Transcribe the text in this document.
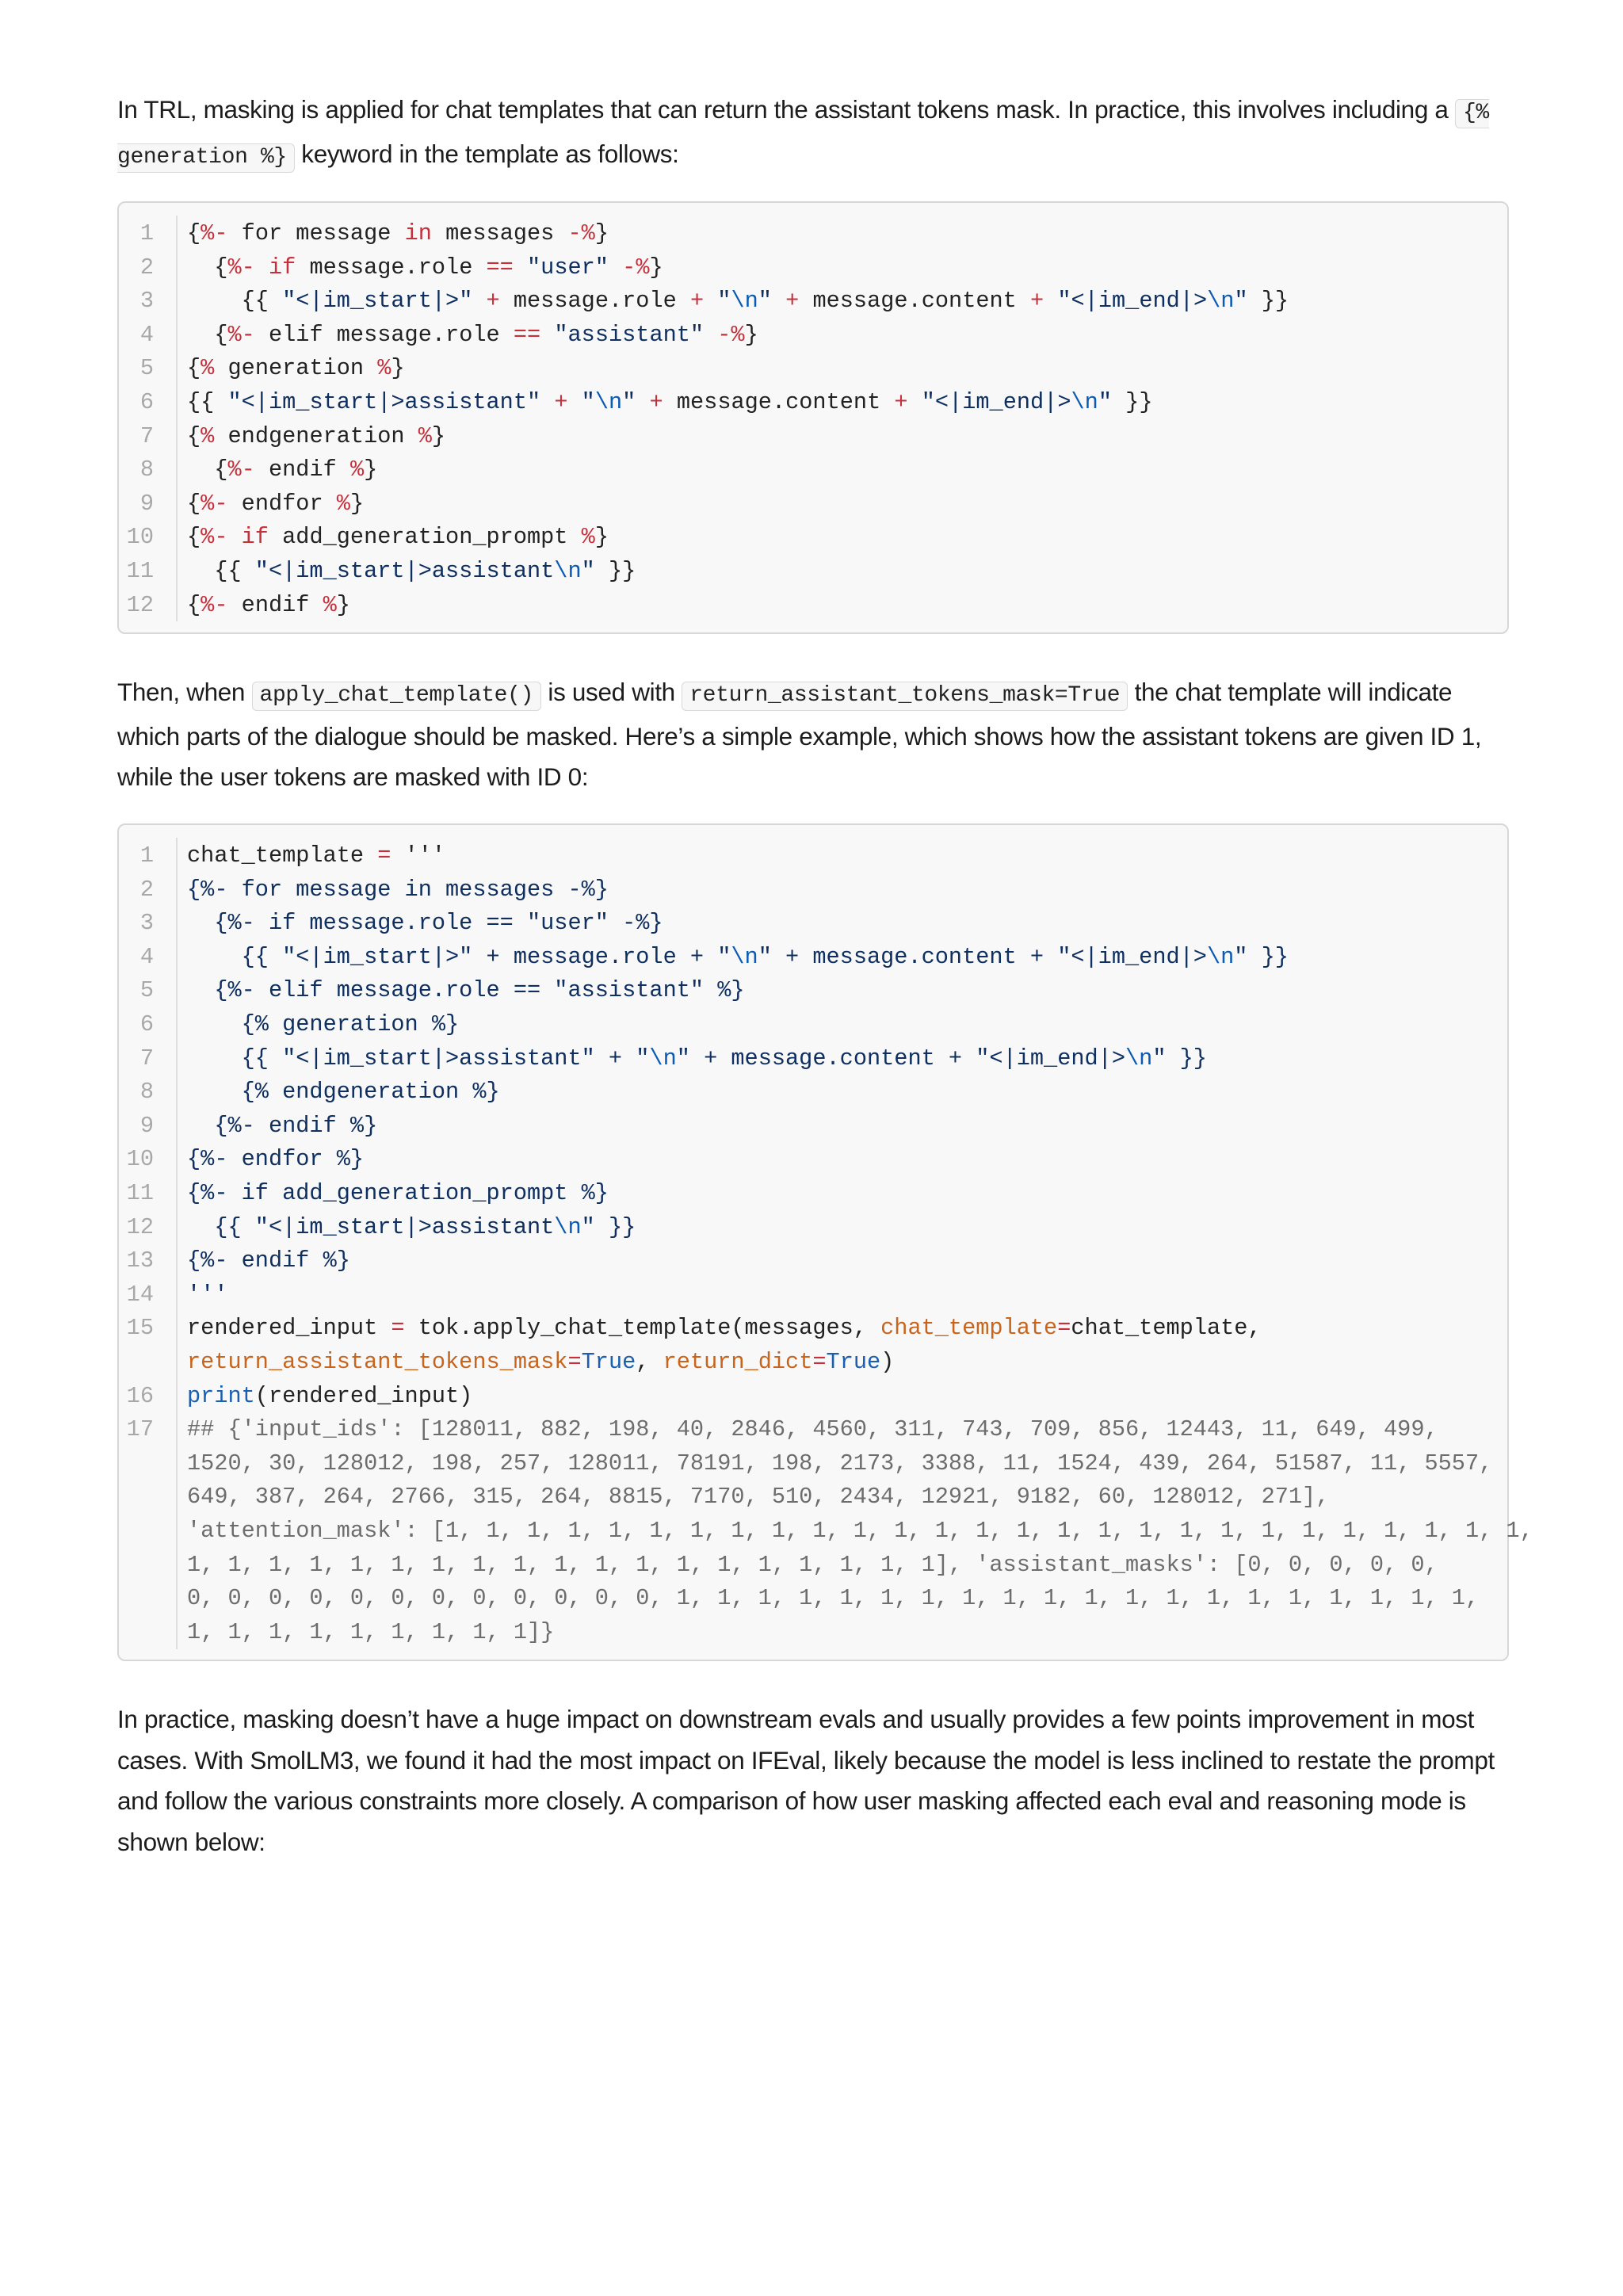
In TRL, masking is applied for chat templates that can return the assistant tokens mask. In practice, this involves including a {% generation %} keyword in the template as follows:

1 {%- for message in messages -%}
2 {%- if message.role == "user" -%}
3 {{ "<|im_start|>" + message.role + "\n" + message.content + "<|im_end|>\n" }}
4 {%- elif message.role == "assistant" -%}
5 {% generation %}
6 {{ "<|im_start|>assistant" + "\n" + message.content + "<|im_end|>\n" }}
7 {% endgeneration %}
8 {%- endif %}
9 {%- endfor %}
10 {%- if add_generation_prompt %}
11 {{ "<|im_start|>assistant\n" }}
12 {%- endif %}

Then, when apply_chat_template() is used with return_assistant_tokens_mask=True the chat template will indicate which parts of the dialogue should be masked. Here’s a simple example, which shows how the assistant tokens are given ID 1, while the user tokens are masked with ID 0:

1 chat_template = '''
2 {%- for message in messages -%}
3 {%- if message.role == "user" -%}
4 {{ "<|im_start|>" + message.role + "\n" + message.content + "<|im_end|>\n" }}
5 {%- elif message.role == "assistant" %}
6 {% generation %}
7 {{ "<|im_start|>assistant" + "\n" + message.content + "<|im_end|>\n" }}
8 {% endgeneration %}
9 {%- endif %}
10 {%- endfor %}
11 {%- if add_generation_prompt %}
12 {{ "<|im_start|>assistant\n" }}
13 {%- endif %}
14 '''
15 rendered_input = tok.apply_chat_template(messages, chat_template=chat_template,
return_assistant_tokens_mask=True, return_dict=True)
16 print(rendered_input)
17 ## {'input_ids': [128011, 882, 198, 40, 2846, 4560, 311, 743, 709, 856, 12443, 11, 649, 499,
1520, 30, 128012, 198, 257, 128011, 78191, 198, 2173, 3388, 11, 1524, 439, 264, 51587, 11, 5557,
649, 387, 264, 2766, 315, 264, 8815, 7170, 510, 2434, 12921, 9182, 60, 128012, 271],
'attention_mask': [1, 1, 1, 1, 1, 1, 1, 1, 1, 1, 1, 1, 1, 1, 1, 1, 1, 1, 1, 1, 1, 1, 1, 1, 1, 1, 1,
1, 1, 1, 1, 1, 1, 1, 1, 1, 1, 1, 1, 1, 1, 1, 1, 1, 1, 1], 'assistant_masks': [0, 0, 0, 0, 0,
0, 0, 0, 0, 0, 0, 0, 0, 0, 0, 0, 0, 1, 1, 1, 1, 1, 1, 1, 1, 1, 1, 1, 1, 1, 1, 1, 1, 1, 1, 1, 1,
1, 1, 1, 1, 1, 1, 1, 1, 1]}

In practice, masking doesn’t have a huge impact on downstream evals and usually provides a few points improvement in most cases. With SmolLM3, we found it had the most impact on IFEval, likely because the model is less inclined to restate the prompt and follow the various constraints more closely. A comparison of how user masking affected each eval and reasoning mode is shown below:
